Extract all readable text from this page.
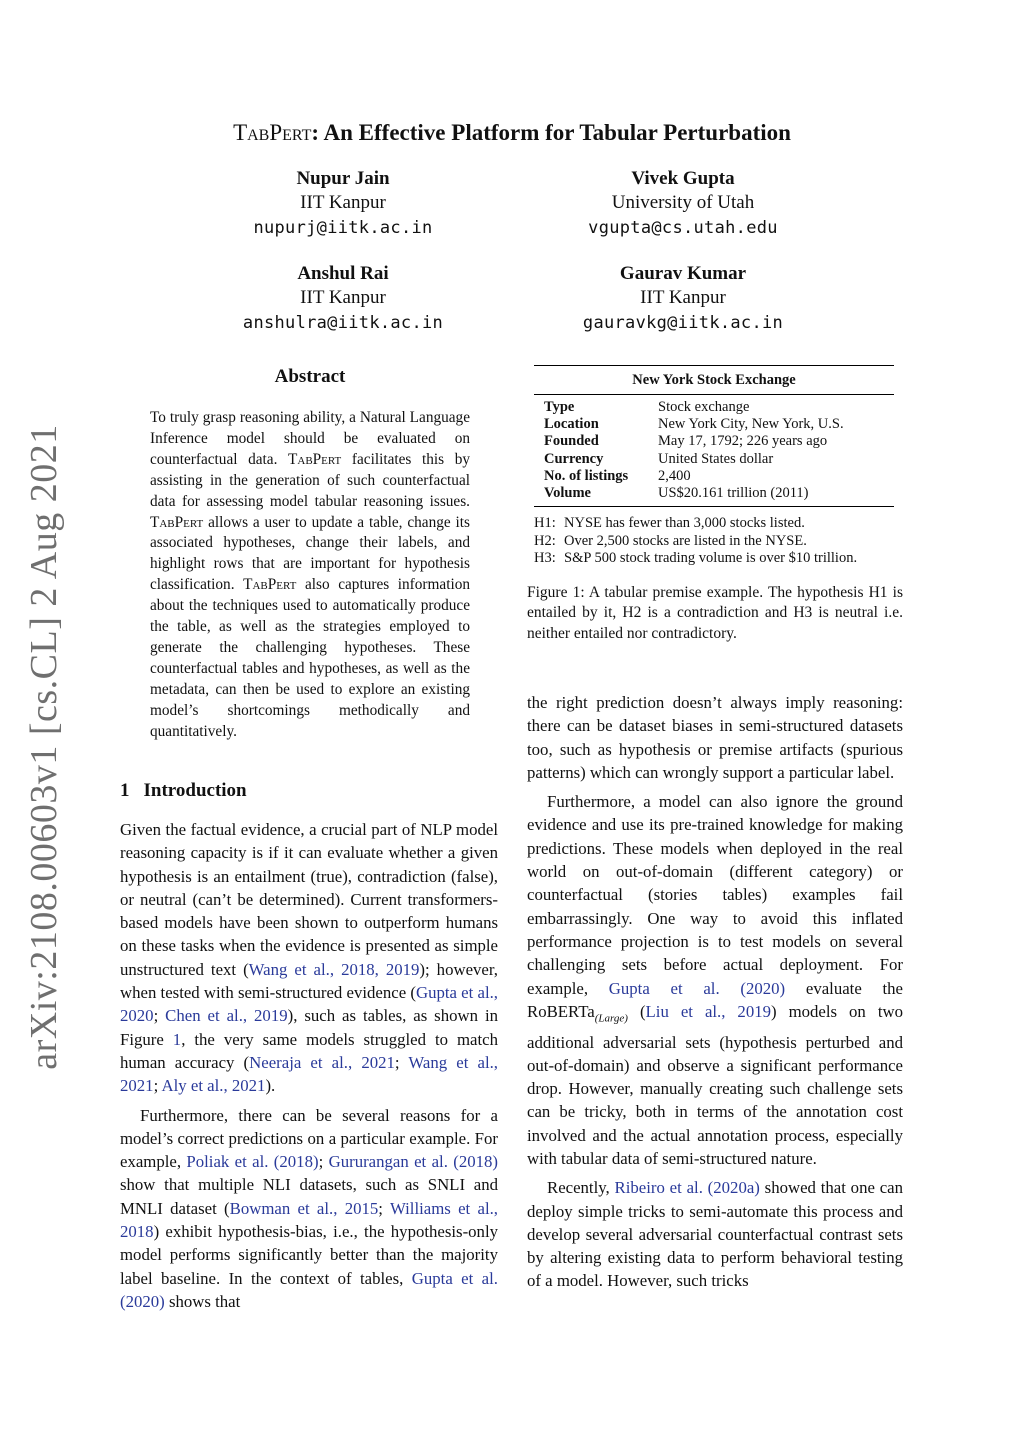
arXiv:2108.00603v1 [cs.CL] 2 Aug 2021
TabPert: An Effective Platform for Tabular Perturbation
Nupur Jain
IIT Kanpur
nupurj@iitk.ac.in
Vivek Gupta
University of Utah
vgupta@cs.utah.edu
Anshul Rai
IIT Kanpur
anshulra@iitk.ac.in
Gaurav Kumar
IIT Kanpur
gauravkg@iitk.ac.in
Abstract
To truly grasp reasoning ability, a Natural Language Inference model should be evaluated on counterfactual data. TabPert facilitates this by assisting in the generation of such counterfactual data for assessing model tabular reasoning issues. TabPert allows a user to update a table, change its associated hypotheses, change their labels, and highlight rows that are important for hypothesis classification. TabPert also captures information about the techniques used to automatically produce the table, as well as the strategies employed to generate the challenging hypotheses. These counterfactual tables and hypotheses, as well as the metadata, can then be used to explore an existing model’s shortcomings methodically and quantitatively.
1 Introduction

Given the factual evidence, a crucial part of NLP model reasoning capacity is if it can evaluate whether a given hypothesis is an entailment (true), contradiction (false), or neutral (can’t be determined). Current transformers-based models have been shown to outperform humans on these tasks when the evidence is presented as simple unstructured text (Wang et al., 2018, 2019); however, when tested with semi-structured evidence (Gupta et al., 2020; Chen et al., 2019), such as tables, as shown in Figure 1, the very same models struggled to match human accuracy (Neeraja et al., 2021; Wang et al., 2021; Aly et al., 2021).

Furthermore, there can be several reasons for a model’s correct predictions on a particular example. For example, Poliak et al. (2018); Gururangan et al. (2018) show that multiple NLI datasets, such as SNLI and MNLI dataset (Bowman et al., 2015; Williams et al., 2018) exhibit hypothesis-bias, i.e., the hypothesis-only model performs significantly better than the majority label baseline. In the context of tables, Gupta et al. (2020) shows that

New York Stock Exchange
Type	Stock exchange
Location	New York City, New York, U.S.
Founded	May 17, 1792; 226 years ago
Currency	United States dollar
No. of listings	2,400
Volume	US$20.161 trillion (2011)
H1: NYSE has fewer than 3,000 stocks listed.
H2: Over 2,500 stocks are listed in the NYSE.
H3: S&P 500 stock trading volume is over $10 trillion.
Figure 1: A tabular premise example. The hypothesis H1 is entailed by it, H2 is a contradiction and H3 is neutral i.e. neither entailed nor contradictory.

the right prediction doesn’t always imply reasoning: there can be dataset biases in semi-structured datasets too, such as hypothesis or premise artifacts (spurious patterns) which can wrongly support a particular label.

Furthermore, a model can also ignore the ground evidence and use its pre-trained knowledge for making predictions. These models when deployed in the real world on out-of-domain (different category) or counterfactual (stories tables) examples fail embarrassingly. One way to avoid this inflated performance projection is to test models on several challenging sets before actual deployment. For example, Gupta et al. (2020) evaluate the RoBERTa$_{(Large)}$ (Liu et al., 2019) models on two additional adversarial sets (hypothesis perturbed and out-of-domain) and observe a significant performance drop. However, manually creating such challenge sets can be tricky, both in terms of the annotation cost involved and the actual annotation process, especially with tabular data of semi-structured nature.

Recently, Ribeiro et al. (2020a) showed that one can deploy simple tricks to semi-automate this process and develop several adversarial counterfactual contrast sets by altering existing data to perform behavioral testing of a model. However, such tricks
